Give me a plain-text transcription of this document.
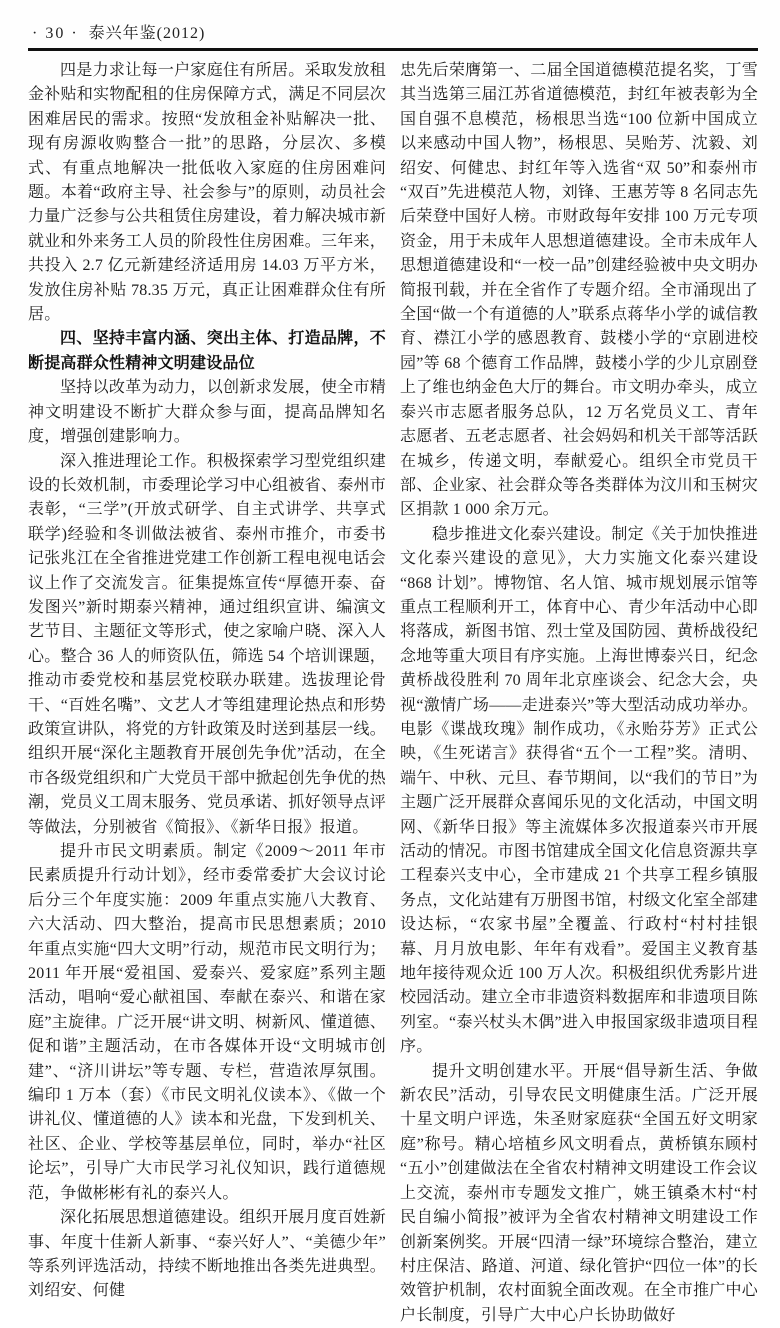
· 30 · 泰兴年鉴(2012)

四是力求让每一户家庭住有所居。采取发放租金补贴和实物配租的住房保障方式，满足不同层次困难居民的需求。按照“发放租金补贴解决一批、现有房源收购整合一批”的思路，分层次、多模式、有重点地解决一批低收入家庭的住房困难问题。本着“政府主导、社会参与”的原则，动员社会力量广泛参与公共租赁住房建设，着力解决城市新就业和外来务工人员的阶段性住房困难。三年来，共投入 2.7 亿元新建经济适用房 14.03 万平方米，发放住房补贴 78.35 万元，真正让困难群众住有所居。

四、坚持丰富内涵、突出主体、打造品牌，不断提高群众性精神文明建设品位

坚持以改革为动力，以创新求发展，使全市精神文明建设不断扩大群众参与面，提高品牌知名度，增强创建影响力。

深入推进理论工作。积极探索学习型党组织建设的长效机制，市委理论学习中心组被省、泰州市表彰，“三学”(开放式研学、自主式讲学、共享式联学)经验和冬训做法被省、泰州市推介，市委书记张兆江在全省推进党建工作创新工程电视电话会议上作了交流发言。征集提炼宣传“厚德开泰、奋发图兴”新时期泰兴精神，通过组织宣讲、编演文艺节目、主题征文等形式，使之家喻户晓、深入人心。整合 36 人的师资队伍，筛选 54 个培训课题，推动市委党校和基层党校联办联建。选拔理论骨干、“百姓名嘴”、文艺人才等组建理论热点和形势政策宣讲队，将党的方针政策及时送到基层一线。组织开展“深化主题教育开展创先争优”活动，在全市各级党组织和广大党员干部中掀起创先争优的热潮，党员义工周末服务、党员承诺、抓好领导点评等做法，分别被省《简报》、《新华日报》报道。

提升市民文明素质。制定《2009～2011 年市民素质提升行动计划》，经市委常委扩大会议讨论后分三个年度实施：2009 年重点实施八大教育、六大活动、四大整治，提高市民思想素质；2010 年重点实施“四大文明”行动，规范市民文明行为；2011 年开展“爱祖国、爱泰兴、爱家庭”系列主题活动，唱响“爱心献祖国、奉献在泰兴、和谐在家庭”主旋律。广泛开展“讲文明、树新风、懂道德、促和谐”主题活动，在市各媒体开设“文明城市创建”、“济川讲坛”等专题、专栏，营造浓厚氛围。编印 1 万本（套）《市民文明礼仪读本》、《做一个讲礼仪、懂道德的人》读本和光盘，下发到机关、社区、企业、学校等基层单位，同时，举办“社区论坛”，引导广大市民学习礼仪知识，践行道德规范，争做彬彬有礼的泰兴人。

深化拓展思想道德建设。组织开展月度百姓新事、年度十佳新人新事、“泰兴好人”、“美德少年”等系列评选活动，持续不断地推出各类先进典型。刘绍安、何健

忠先后荣膺第一、二届全国道德模范提名奖，丁雪其当选第三届江苏省道德模范，封红年被表彰为全国自强不息模范，杨根思当选“100 位新中国成立以来感动中国人物”，杨根思、吴贻芳、沈毅、刘绍安、何健忠、封红年等入选省“双 50”和泰州市“双百”先进模范人物，刘锋、王惠芳等 8 名同志先后荣登中国好人榜。市财政每年安排 100 万元专项资金，用于未成年人思想道德建设。全市未成年人思想道德建设和“一校一品”创建经验被中央文明办简报刊载，并在全省作了专题介绍。全市涌现出了全国“做一个有道德的人”联系点蒋华小学的诚信教育、襟江小学的感恩教育、鼓楼小学的“京剧进校园”等 68 个德育工作品牌，鼓楼小学的少儿京剧登上了维也纳金色大厅的舞台。市文明办牵头，成立泰兴市志愿者服务总队，12 万名党员义工、青年志愿者、五老志愿者、社会妈妈和机关干部等活跃在城乡，传递文明，奉献爱心。组织全市党员干部、企业家、社会群众等各类群体为汶川和玉树灾区捐款 1 000 余万元。

稳步推进文化泰兴建设。制定《关于加快推进文化泰兴建设的意见》，大力实施文化泰兴建设“868 计划”。博物馆、名人馆、城市规划展示馆等重点工程顺利开工，体育中心、青少年活动中心即将落成，新图书馆、烈士堂及国防园、黄桥战役纪念地等重大项目有序实施。上海世博泰兴日，纪念黄桥战役胜利 70 周年北京座谈会、纪念大会，央视“激情广场——走进泰兴”等大型活动成功举办。电影《谍战玫瑰》制作成功，《永贻芬芳》正式公映，《生死诺言》获得省“五个一工程”奖。清明、端午、中秋、元旦、春节期间，以“我们的节日”为主题广泛开展群众喜闻乐见的文化活动，中国文明网、《新华日报》等主流媒体多次报道泰兴市开展活动的情况。市图书馆建成全国文化信息资源共享工程泰兴支中心，全市建成 21 个共享工程乡镇服务点，文化站建有万册图书馆，村级文化室全部建设达标，“农家书屋”全覆盖、行政村“村村挂银幕、月月放电影、年年有戏看”。爱国主义教育基地年接待观众近 100 万人次。积极组织优秀影片进校园活动。建立全市非遗资料数据库和非遗项目陈列室。“泰兴杖头木偶”进入申报国家级非遗项目程序。

提升文明创建水平。开展“倡导新生活、争做新农民”活动，引导农民文明健康生活。广泛开展十星文明户评选，朱圣财家庭获“全国五好文明家庭”称号。精心培植乡风文明看点，黄桥镇东顾村“五小”创建做法在全省农村精神文明建设工作会议上交流，泰州市专题发文推广，姚王镇桑木村“村民自编小简报”被评为全省农村精神文明建设工作创新案例奖。开展“四清一绿”环境综合整治，建立村庄保洁、路道、河道、绿化管护“四位一体”的长效管护机制，农村面貌全面改观。在全市推广中心户长制度，引导广大中心户长协助做好
